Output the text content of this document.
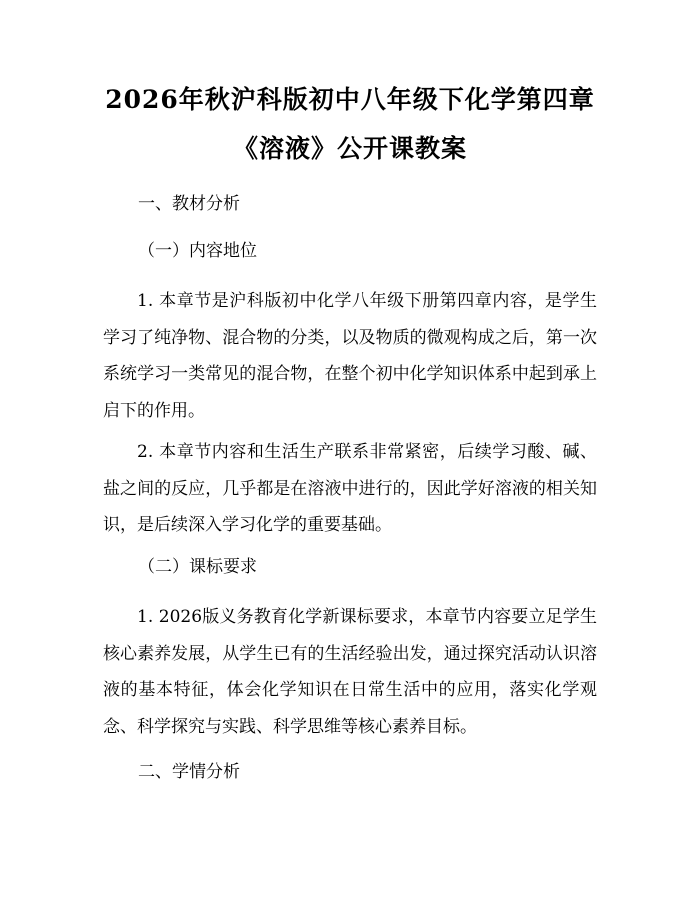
2026年秋沪科版初中八年级下化学第四章
《溶液》公开课教案
一、教材分析
（一）内容地位

1. 本章节是沪科版初中化学八年级下册第四章内容，是学生学习了纯净物、混合物的分类，以及物质的微观构成之后，第一次系统学习一类常见的混合物，在整个初中化学知识体系中起到承上启下的作用。

2. 本章节内容和生活生产联系非常紧密，后续学习酸、碱、盐之间的反应，几乎都是在溶液中进行的，因此学好溶液的相关知识，是后续深入学习化学的重要基础。

（二）课标要求

1. 2026版义务教育化学新课标要求，本章节内容要立足学生核心素养发展，从学生已有的生活经验出发，通过探究活动认识溶液的基本特征，体会化学知识在日常生活中的应用，落实化学观念、科学探究与实践、科学思维等核心素养目标。

二、学情分析
